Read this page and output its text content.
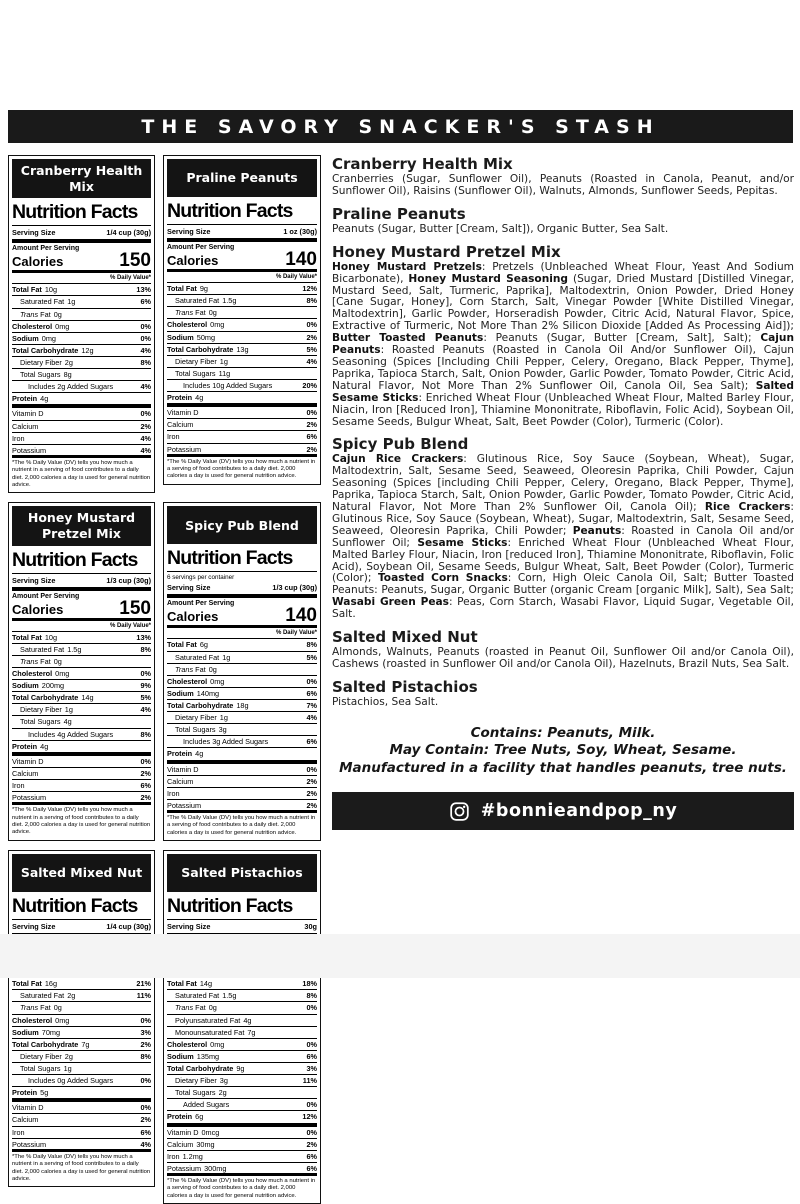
THE SAVORY SNACKER'S STASH
Cranberry Health Mix
Nutrition Facts
Serving Size	1/4 cup (30g)
Amount Per Serving
Calories	150
% Daily Value*
Total Fat 10g	13%
Saturated Fat 1g	6%
Trans Fat 0g
Cholesterol 0mg	0%
Sodium 0mg	0%
Total Carbohydrate 12g	4%
Dietary Fiber 2g	8%
Total Sugars 8g
Includes 2g Added Sugars	4%
Protein 4g
Vitamin D	0%
Calcium	2%
Iron	4%
Potassium	4%
*The % Daily Value (DV) tells you how much a nutrient in a serving of food contributes to a daily diet. 2,000 calories a day is used for general nutrition advice.
Praline Peanuts
Nutrition Facts
Serving Size	1 oz (30g)
Amount Per Serving
Calories	140
% Daily Value*
Total Fat 9g	12%
Saturated Fat 1.5g	8%
Trans Fat 0g
Cholesterol 0mg	0%
Sodium 50mg	2%
Total Carbohydrate 13g	5%
Dietary Fiber 1g	4%
Total Sugars 11g
Includes 10g Added Sugars	20%
Protein 4g
Vitamin D	0%
Calcium	2%
Iron	6%
Potassium	2%
*The % Daily Value (DV) tells you how much a nutrient in a serving of food contributes to a daily diet. 2,000 calories a day is used for general nutrition advice.
Honey Mustard Pretzel Mix
Nutrition Facts
Serving Size	1/3 cup (30g)
Amount Per Serving
Calories	150
% Daily Value*
Total Fat 10g	13%
Saturated Fat 1.5g	8%
Trans Fat 0g
Cholesterol 0mg	0%
Sodium 200mg	9%
Total Carbohydrate 14g	5%
Dietary Fiber 1g	4%
Total Sugars 4g
Includes 4g Added Sugars	8%
Protein 4g
Vitamin D	0%
Calcium	2%
Iron	6%
Potassium	2%
*The % Daily Value (DV) tells you how much a nutrient in a serving of food contributes to a daily diet. 2,000 calories a day is used for general nutrition advice.
Spicy Pub Blend
Nutrition Facts
6 servings per container
Serving Size	1/3 cup (30g)
Amount Per Serving
Calories	140
% Daily Value*
Total Fat 6g	8%
Saturated Fat 1g	5%
Trans Fat 0g
Cholesterol 0mg	0%
Sodium 140mg	6%
Total Carbohydrate 18g	7%
Dietary Fiber 1g	4%
Total Sugars 3g
Includes 3g Added Sugars	6%
Protein 4g
Vitamin D	0%
Calcium	2%
Iron	2%
Potassium	2%
*The % Daily Value (DV) tells you how much a nutrient in a serving of food contributes to a daily diet. 2,000 calories a day is used for general nutrition advice.
Salted Mixed Nut
Nutrition Facts
Serving Size	1/4 cup (30g)
Total Fat 16g	21%
Saturated Fat 2g	11%
Trans Fat 0g
Cholesterol 0mg	0%
Sodium 70mg	3%
Total Carbohydrate 7g	2%
Dietary Fiber 2g	8%
Total Sugars 1g
Includes 0g Added Sugars	0%
Protein 5g
Vitamin D	0%
Calcium	2%
Iron	6%
Potassium	4%
*The % Daily Value (DV) tells you how much a nutrient in a serving of food contributes to a daily diet. 2,000 calories a day is used for general nutrition advice.
Salted Pistachios
Nutrition Facts
Serving Size	30g
Total Fat 14g	18%
Saturated Fat 1.5g	8%
Trans Fat 0g	0%
Polyunsaturated Fat 4g
Monounsaturated Fat 7g
Cholesterol 0mg	0%
Sodium 135mg	6%
Total Carbohydrate 9g	3%
Dietary Fiber 3g	11%
Total Sugars 2g
Added Sugars	0%
Protein 6g	12%
Vitamin D 0mcg	0%
Calcium 30mg	2%
Iron 1.2mg	6%
Potassium 300mg	6%
*The % Daily Value (DV) tells you how much a nutrient in a serving of food contributes to a daily diet. 2,000 calories a day is used for general nutrition advice.
Cranberry Health Mix

Cranberries (Sugar, Sunflower Oil), Peanuts (Roasted in Canola, Peanut, and/or Sunflower Oil), Raisins (Sunflower Oil), Walnuts, Almonds, Sunflower Seeds, Pepitas.

Praline Peanuts

Peanuts (Sugar, Butter [Cream, Salt]), Organic Butter, Sea Salt.

Honey Mustard Pretzel Mix

Honey Mustard Pretzels: Pretzels (Unbleached Wheat Flour, Yeast And Sodium Bicarbonate), Honey Mustard Seasoning (Sugar, Dried Mustard [Distilled Vinegar, Mustard Seed, Salt, Turmeric, Paprika], Maltodextrin, Onion Powder, Dried Honey [Cane Sugar, Honey], Corn Starch, Salt, Vinegar Powder [White Distilled Vinegar, Maltodextrin], Garlic Powder, Horseradish Powder, Citric Acid, Natural Flavor, Spice, Extractive of Turmeric, Not More Than 2% Silicon Dioxide [Added As Processing Aid]); Butter Toasted Peanuts: Peanuts (Sugar, Butter [Cream, Salt], Salt); Cajun Peanuts: Roasted Peanuts (Roasted in Canola Oil And/or Sunflower Oil), Cajun Seasoning (Spices [Including Chili Pepper, Celery, Oregano, Black Pepper, Thyme], Paprika, Tapioca Starch, Salt, Onion Powder, Garlic Powder, Tomato Powder, Citric Acid, Natural Flavor, Not More Than 2% Sunflower Oil, Canola Oil, Sea Salt); Salted Sesame Sticks: Enriched Wheat Flour (Unbleached Wheat Flour, Malted Barley Flour, Niacin, Iron [Reduced Iron], Thiamine Mononitrate, Riboflavin, Folic Acid), Soybean Oil, Sesame Seeds, Bulgur Wheat, Salt, Beet Powder (Color), Turmeric (Color).

Spicy Pub Blend

Cajun Rice Crackers: Glutinous Rice, Soy Sauce (Soybean, Wheat), Sugar, Maltodextrin, Salt, Sesame Seed, Seaweed, Oleoresin Paprika, Chili Powder, Cajun Seasoning (Spices [including Chili Pepper, Celery, Oregano, Black Pepper, Thyme], Paprika, Tapioca Starch, Salt, Onion Powder, Garlic Powder, Tomato Powder, Citric Acid, Natural Flavor, Not More Than 2% Sunflower Oil, Canola Oil); Rice Crackers: Glutinous Rice, Soy Sauce (Soybean, Wheat), Sugar, Maltodextrin, Salt, Sesame Seed, Seaweed, Oleoresin Paprika, Chili Powder; Peanuts: Roasted in Canola Oil and/or Sunflower Oil; Sesame Sticks: Enriched Wheat Flour (Unbleached Wheat Flour, Malted Barley Flour, Niacin, Iron [reduced Iron], Thiamine Mononitrate, Riboflavin, Folic Acid), Soybean Oil, Sesame Seeds, Bulgur Wheat, Salt, Beet Powder (Color), Turmeric (Color); Toasted Corn Snacks: Corn, High Oleic Canola Oil, Salt; Butter Toasted Peanuts: Peanuts, Sugar, Organic Butter (organic Cream [organic Milk], Salt), Sea Salt; Wasabi Green Peas: Peas, Corn Starch, Wasabi Flavor, Liquid Sugar, Vegetable Oil, Salt.

Salted Mixed Nut

Almonds, Walnuts, Peanuts (roasted in Peanut Oil, Sunflower Oil and/or Canola Oil), Cashews (roasted in Sunflower Oil and/or Canola Oil), Hazelnuts, Brazil Nuts, Sea Salt.

Salted Pistachios

Pistachios, Sea Salt.

Contains: Peanuts, Milk.
May Contain: Tree Nuts, Soy, Wheat, Sesame.
Manufactured in a facility that handles peanuts, tree nuts.
#bonnieandpop_ny
